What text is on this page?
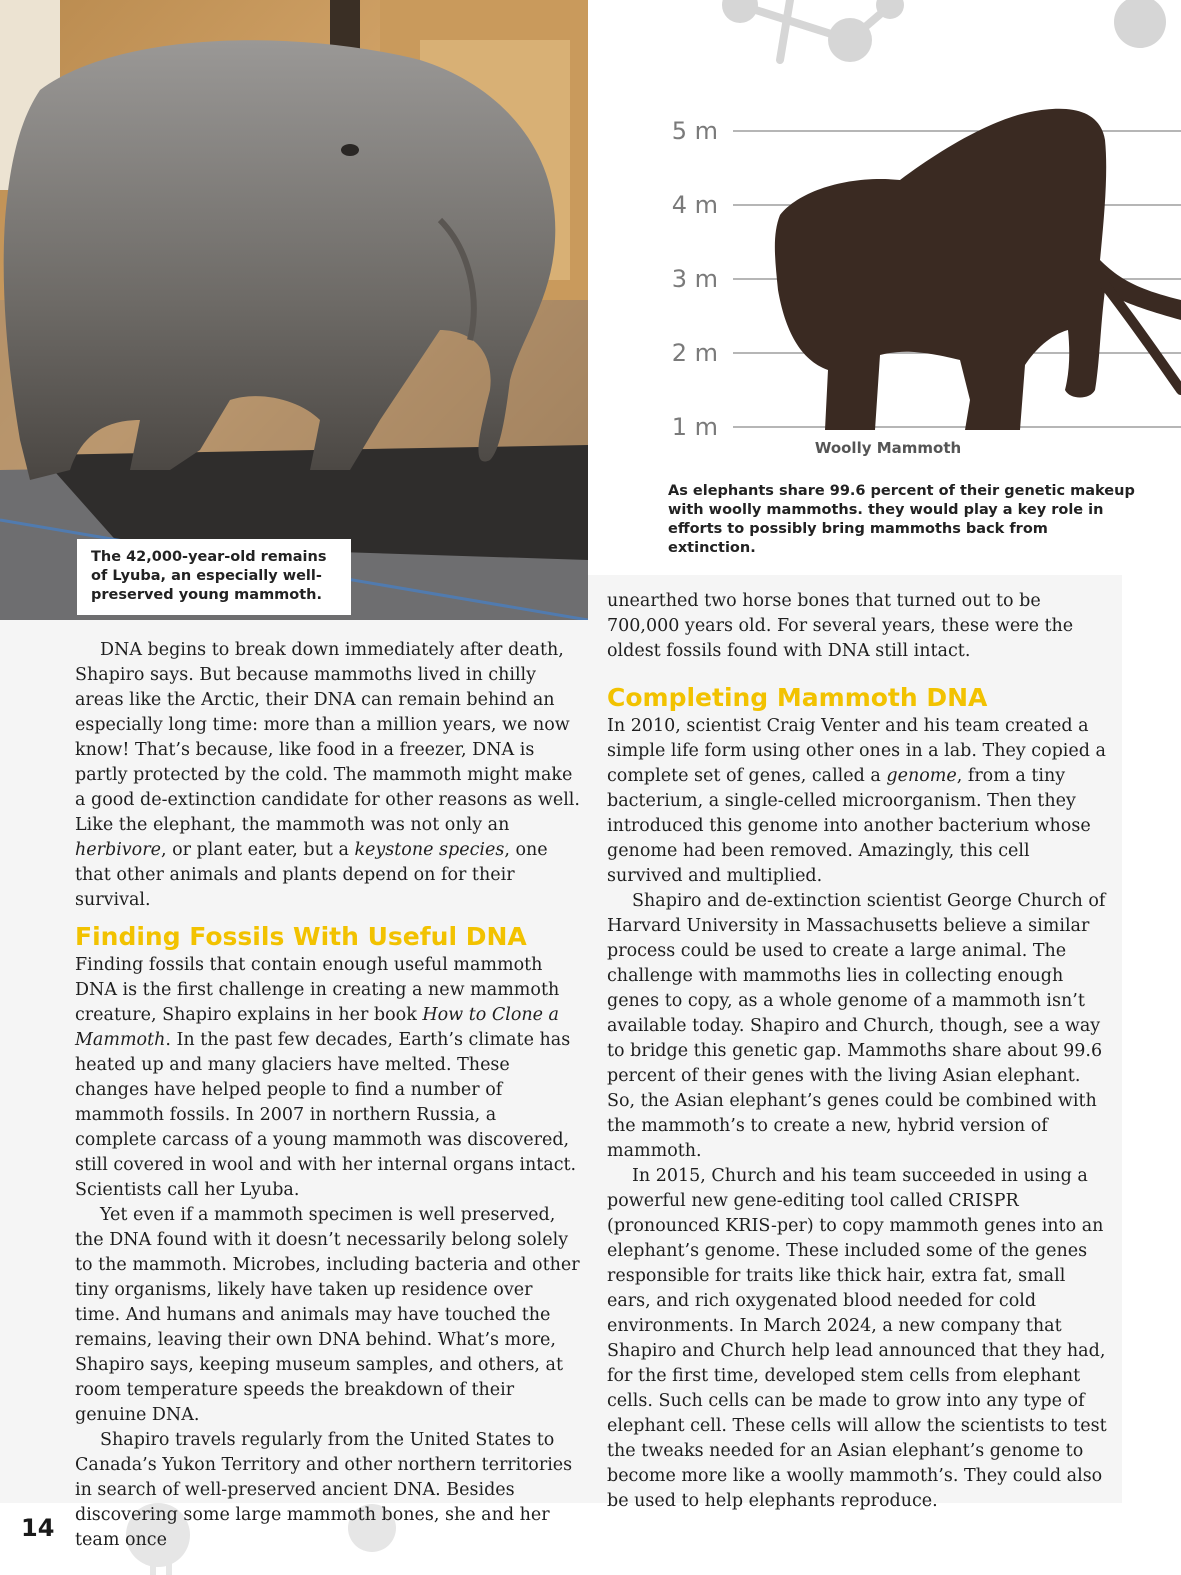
The 42,000-year-old remains of Lyuba, an especially well-preserved young mammoth.
5 m
4 m
3 m
2 m
1 m
Woolly Mammoth
As elephants share 99.6 percent of their genetic makeup with woolly mammoths. they would play a key role in efforts to possibly bring mammoths back from extinction.

DNA begins to break down immediately after death, Shapiro says. But because mammoths lived in chilly areas like the Arctic, their DNA can remain behind an especially long time: more than a million years, we now know! That’s because, like food in a freezer, DNA is partly protected by the cold. The mammoth might make a good de-extinction candidate for other reasons as well. Like the elephant, the mammoth was not only an herbivore, or plant eater, but a keystone species, one that other animals and plants depend on for their survival.

Finding Fossils With Useful DNA

Finding fossils that contain enough useful mammoth DNA is the first challenge in creating a new mammoth creature, Shapiro explains in her book How to Clone a Mammoth. In the past few decades, Earth’s climate has heated up and many glaciers have melted. These changes have helped people to find a number of mammoth fossils. In 2007 in northern Russia, a complete carcass of a young mammoth was discovered, still covered in wool and with her internal organs intact. Scientists call her Lyuba.

Yet even if a mammoth specimen is well preserved, the DNA found with it doesn’t necessarily belong solely to the mammoth. Microbes, including bacteria and other tiny organisms, likely have taken up residence over time. And humans and animals may have touched the remains, leaving their own DNA behind. What’s more, Shapiro says, keeping museum samples, and others, at room temperature speeds the breakdown of their genuine DNA.

Shapiro travels regularly from the United States to Canada’s Yukon Territory and other northern territories in search of well-preserved ancient DNA. Besides discovering some large mammoth bones, she and her team once

unearthed two horse bones that turned out to be 700,000 years old. For several years, these were the oldest fossils found with DNA still intact.

Completing Mammoth DNA

In 2010, scientist Craig Venter and his team created a simple life form using other ones in a lab. They copied a complete set of genes, called a genome, from a tiny bacterium, a single-celled microorganism. Then they introduced this genome into another bacterium whose genome had been removed. Amazingly, this cell survived and multiplied.

Shapiro and de-extinction scientist George Church of Harvard University in Massachusetts believe a similar process could be used to create a large animal. The challenge with mammoths lies in collecting enough genes to copy, as a whole genome of a mammoth isn’t available today. Shapiro and Church, though, see a way to bridge this genetic gap. Mammoths share about 99.6 percent of their genes with the living Asian elephant. So, the Asian elephant’s genes could be combined with the mammoth’s to create a new, hybrid version of mammoth.

In 2015, Church and his team succeeded in using a powerful new gene-editing tool called CRISPR (pronounced KRIS-per) to copy mammoth genes into an elephant’s genome. These included some of the genes responsible for traits like thick hair, extra fat, small ears, and rich oxygenated blood needed for cold environments. In March 2024, a new company that Shapiro and Church help lead announced that they had, for the first time, developed stem cells from elephant cells. Such cells can be made to grow into any type of elephant cell. These cells will allow the scientists to test the tweaks needed for an Asian elephant’s genome to become more like a woolly mammoth’s. They could also be used to help elephants reproduce.

14
